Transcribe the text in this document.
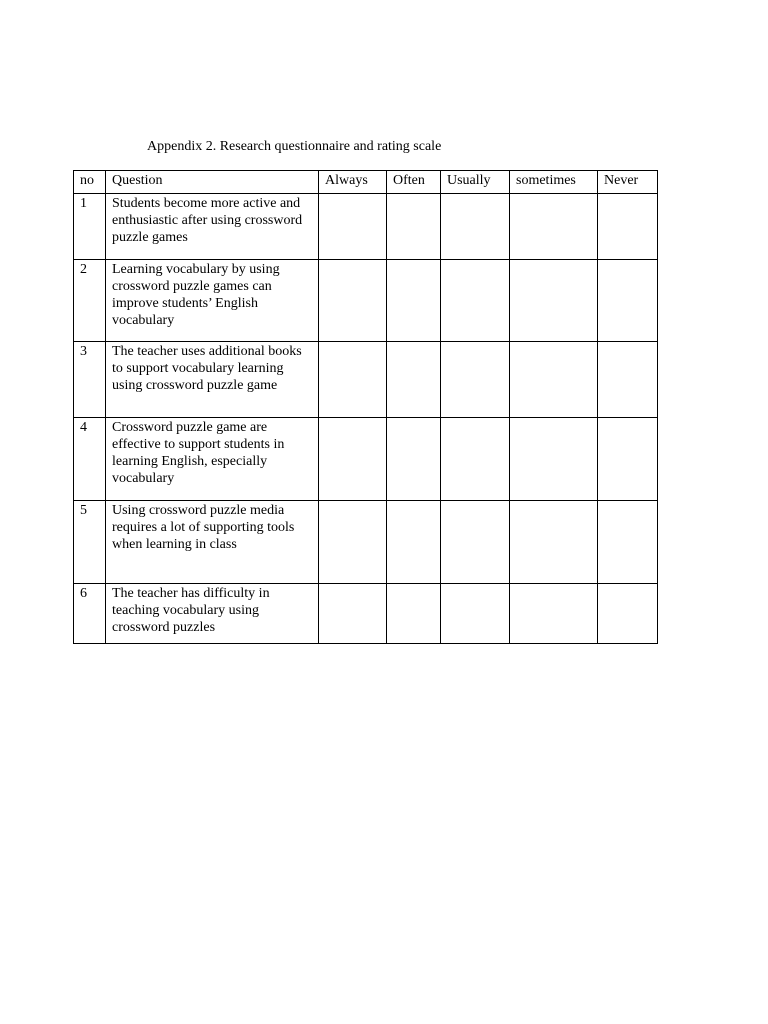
Appendix 2. Research questionnaire and rating scale
no	Question	Always	Often	Usually	sometimes	Never
1	Students become more active and enthusiastic after using crossword puzzle games					
2	Learning vocabulary by using crossword puzzle games can improve students’ English vocabulary					
3	The teacher uses additional books to support vocabulary learning using crossword puzzle game					
4	Crossword puzzle game are effective to support students in learning English, especially vocabulary					
5	Using crossword puzzle media requires a lot of supporting tools when learning in class					
6	The teacher has difficulty in teaching vocabulary using crossword puzzles					
